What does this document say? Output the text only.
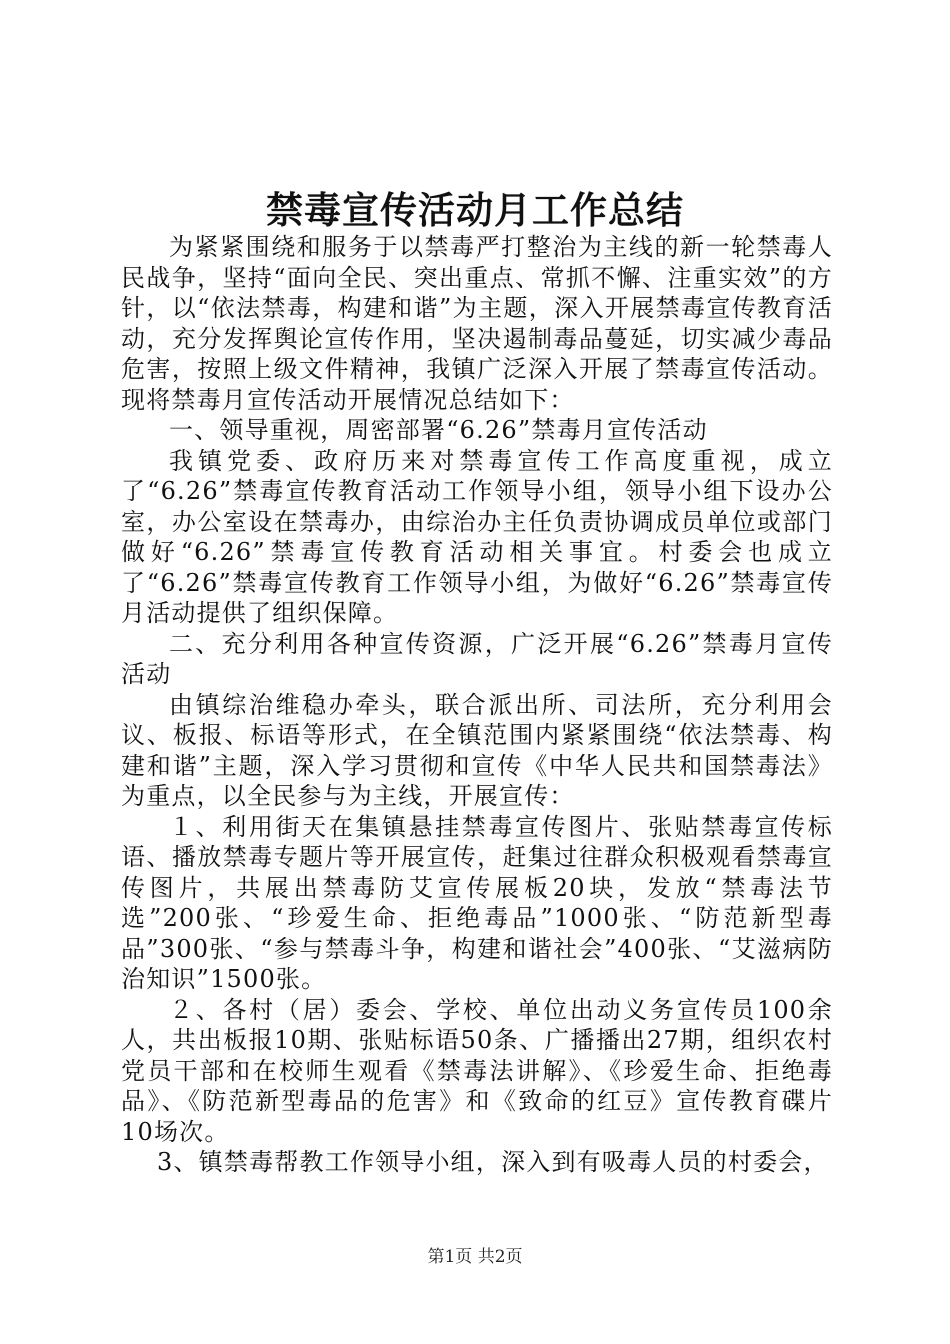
禁毒宣传活动月工作总结

为紧紧围绕和服务于以禁毒严打整治为主线的新一轮禁毒人民战争，坚持“面向全民、突出重点、常抓不懈、注重实效”的方针，以“依法禁毒，构建和谐”为主题，深入开展禁毒宣传教育活动，充分发挥舆论宣传作用，坚决遏制毒品蔓延，切实减少毒品危害，按照上级文件精神，我镇广泛深入开展了禁毒宣传活动。现将禁毒月宣传活动开展情况总结如下：

一、领导重视，周密部署“6.26”禁毒月宣传活动

我镇党委、政府历来对禁毒宣传工作高度重视，成立了“6.26”禁毒宣传教育活动工作领导小组，领导小组下设办公室，办公室设在禁毒办，由综治办主任负责协调成员单位或部门做好“6.26”禁毒宣传教育活动相关事宜。村委会也成立了“6.26”禁毒宣传教育工作领导小组，为做好“6.26”禁毒宣传月活动提供了组织保障。

二、充分利用各种宣传资源，广泛开展“6.26”禁毒月宣传活动

由镇综治维稳办牵头，联合派出所、司法所，充分利用会议、板报、标语等形式，在全镇范围内紧紧围绕“依法禁毒、构建和谐”主题，深入学习贯彻和宣传《中华人民共和国禁毒法》为重点，以全民参与为主线，开展宣传：

１、利用街天在集镇悬挂禁毒宣传图片、张贴禁毒宣传标语、播放禁毒专题片等开展宣传，赶集过往群众积极观看禁毒宣传图片，共展出禁毒防艾宣传展板20块，发放“禁毒法节选”200张、“珍爱生命、拒绝毒品”1000张、“防范新型毒品”300张、“参与禁毒斗争，构建和谐社会”400张、“艾滋病防治知识”1500张。

２、各村（居）委会、学校、单位出动义务宣传员100余人，共出板报10期、张贴标语50条、广播播出27期，组织农村党员干部和在校师生观看《禁毒法讲解》、《珍爱生命、拒绝毒品》、《防范新型毒品的危害》和《致命的红豆》宣传教育碟片10场次。

3、镇禁毒帮教工作领导小组，深入到有吸毒人员的村委会，

第1页 共2页
